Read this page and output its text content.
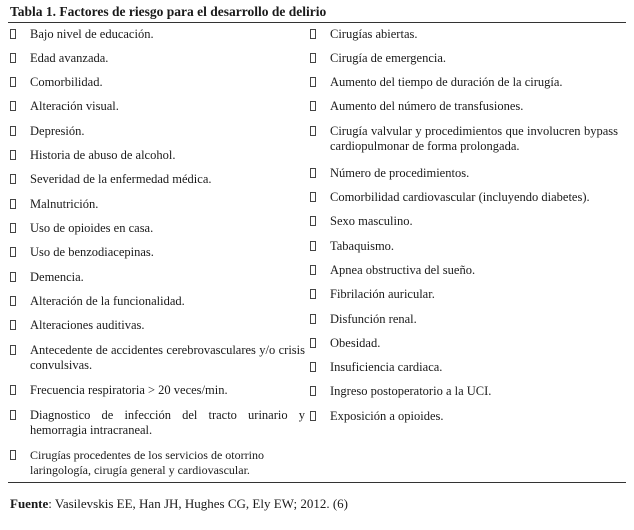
Tabla 1. Factores de riesgo para el desarrollo de delirio
Bajo nivel de educación.
Edad avanzada.
Comorbilidad.
Alteración visual.
Depresión.
Historia de abuso de alcohol.
Severidad de la enfermedad médica.
Malnutrición.
Uso de opioides en casa.
Uso de benzodiacepinas.
Demencia.
Alteración de la funcionalidad.
Alteraciones auditivas.
Antecedente de accidentes cerebrovasculares y/o crisis convulsivas.
Frecuencia respiratoria > 20 veces/min.
Diagnostico de infección del tracto urinario y hemorragia intracraneal.
Cirugías procedentes de los servicios de otorrino laringología, cirugía general y cardiovascular.
Cirugías abiertas.
Cirugía de emergencia.
Aumento del tiempo de duración de la cirugía.
Aumento del número de transfusiones.
Cirugía valvular y procedimientos que involucren bypass cardiopulmonar de forma prolongada.
Número de procedimientos.
Comorbilidad cardiovascular (incluyendo diabetes).
Sexo masculino.
Tabaquismo.
Apnea obstructiva del sueño.
Fibrilación auricular.
Disfunción renal.
Obesidad.
Insuficiencia cardiaca.
Ingreso postoperatorio a la UCI.
Exposición a opioides.
Fuente: Vasilevskis EE, Han JH, Hughes CG, Ely EW; 2012. (6)
